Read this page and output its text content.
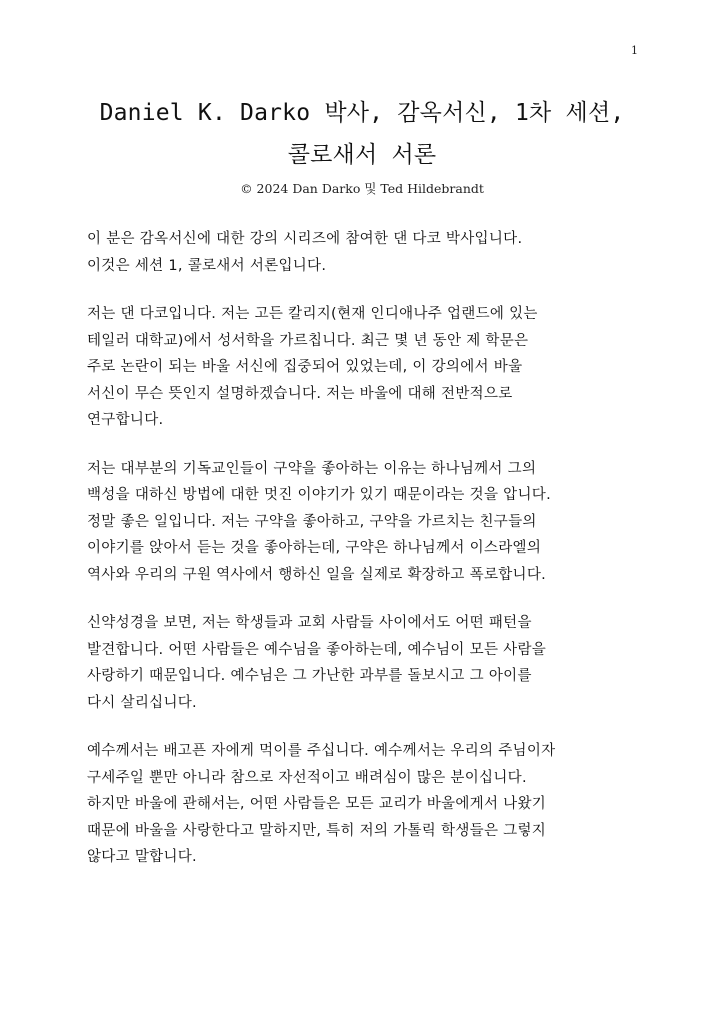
1
Daniel K. Darko 박사, 감옥서신, 1차 세션,
콜로새서 서론
© 2024 Dan Darko 및 Ted Hildebrandt

이 분은 감옥서신에 대한 강의 시리즈에 참여한 댄 다코 박사입니다.
이것은 세션 1, 콜로새서 서론입니다.

저는 댄 다코입니다. 저는 고든 칼리지(현재 인디애나주 업랜드에 있는
테일러 대학교)에서 성서학을 가르칩니다. 최근 몇 년 동안 제 학문은
주로 논란이 되는 바울 서신에 집중되어 있었는데, 이 강의에서 바울
서신이 무슨 뜻인지 설명하겠습니다. 저는 바울에 대해 전반적으로
연구합니다.

저는 대부분의 기독교인들이 구약을 좋아하는 이유는 하나님께서 그의
백성을 대하신 방법에 대한 멋진 이야기가 있기 때문이라는 것을 압니다.
정말 좋은 일입니다. 저는 구약을 좋아하고, 구약을 가르치는 친구들의
이야기를 앉아서 듣는 것을 좋아하는데, 구약은 하나님께서 이스라엘의
역사와 우리의 구원 역사에서 행하신 일을 실제로 확장하고 폭로합니다.

신약성경을 보면, 저는 학생들과 교회 사람들 사이에서도 어떤 패턴을
발견합니다. 어떤 사람들은 예수님을 좋아하는데, 예수님이 모든 사람을
사랑하기 때문입니다. 예수님은 그 가난한 과부를 돌보시고 그 아이를
다시 살리십니다.

예수께서는 배고픈 자에게 먹이를 주십니다. 예수께서는 우리의 주님이자
구세주일 뿐만 아니라 참으로 자선적이고 배려심이 많은 분이십니다.
하지만 바울에 관해서는, 어떤 사람들은 모든 교리가 바울에게서 나왔기
때문에 바울을 사랑한다고 말하지만, 특히 저의 가톨릭 학생들은 그렇지
않다고 말합니다.
